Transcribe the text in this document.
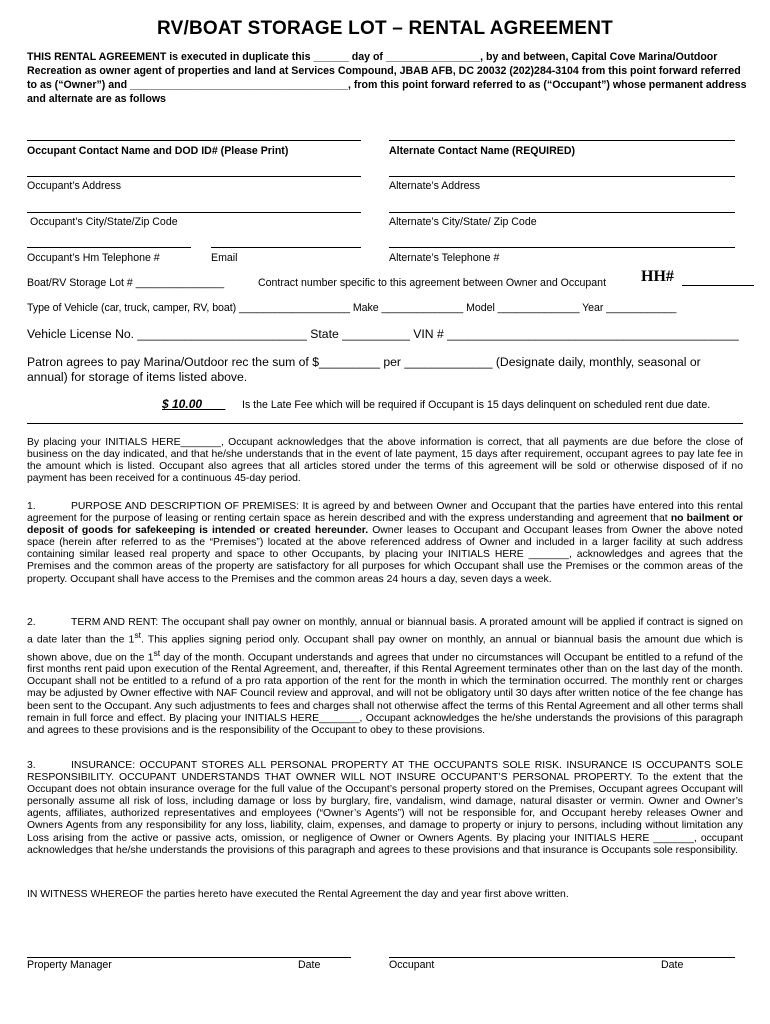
RV/BOAT STORAGE LOT – RENTAL AGREEMENT
THIS RENTAL AGREEMENT is executed in duplicate this ______ day of ________________, by and between, Capital Cove Marina/Outdoor Recreation as owner agent of properties and land at Services Compound, JBAB AFB, DC 20032 (202)284-3104 from this point forward referred to as (“Owner”) and _____________________________________, from this point forward referred to as (“Occupant”) whose permanent address and alternate are as follows
Occupant Contact Name and DOD ID# (Please Print)	Alternate Contact Name (REQUIRED)
Occupant’s Address	Alternate’s Address
Occupant’s City/State/Zip Code	Alternate’s City/State/ Zip Code
Occupant’s Hm Telephone #	Email	Alternate’s Telephone #
Boat/RV Storage Lot # _______________	Contract number specific to this agreement between Owner and Occupant HH#
Type of Vehicle (car, truck, camper, RV, boat) ___________________ Make ______________ Model ______________ Year ____________
Vehicle License No. _________________________ State __________ VIN # ___________________________________________
Patron agrees to pay Marina/Outdoor rec the sum of $_________ per _____________ (Designate daily, monthly, seasonal or
annual) for storage of items listed above.
$ 10.00	Is the Late Fee which will be required if Occupant is 15 days delinquent on scheduled rent due date.
By placing your INITIALS HERE_______, Occupant acknowledges that the above information is correct, that all payments are due before the close of business on the day indicated, and that he/she understands that in the event of late payment, 15 days after requirement, occupant agrees to pay late fee in the amount which is listed. Occupant also agrees that all articles stored under the terms of this agreement will be sold or otherwise disposed of if no payment has been received for a continuous 45-day period.
1.	PURPOSE AND DESCRIPTION OF PREMISES: It is agreed by and between Owner and Occupant that the parties have entered into this rental agreement for the purpose of leasing or renting certain space as herein described and with the express understanding and agreement that no bailment or deposit of goods for safekeeping is intended or created hereunder. Owner leases to Occupant and Occupant leases from Owner the above noted space (herein after referred to as the “Premises”) located at the above referenced address of Owner and included in a larger facility at such address containing similar leased real property and space to other Occupants, by placing your INITIALS HERE _______, acknowledges and agrees that the Premises and the common areas of the property are satisfactory for all purposes for which Occupant shall use the Premises or the common areas of the property. Occupant shall have access to the Premises and the common areas 24 hours a day, seven days a week.
2.	TERM AND RENT: The occupant shall pay owner on monthly, annual or biannual basis. A prorated amount will be applied if contract is signed on a date later than the 1st. This applies signing period only. Occupant shall pay owner on monthly, an annual or biannual basis the amount due which is shown above, due on the 1st day of the month. Occupant understands and agrees that under no circumstances will Occupant be entitled to a refund of the first months rent paid upon execution of the Rental Agreement, and, thereafter, if this Rental Agreement terminates other than on the last day of the month. Occupant shall not be entitled to a refund of a pro rata apportion of the rent for the month in which the termination occurred. The monthly rent or charges may be adjusted by Owner effective with NAF Council review and approval, and will not be obligatory until 30 days after written notice of the fee change has been sent to the Occupant. Any such adjustments to fees and charges shall not otherwise affect the terms of this Rental Agreement and all other terms shall remain in full force and effect. By placing your INITIALS HERE_______, Occupant acknowledges the he/she understands the provisions of this paragraph and agrees to these provisions and is the responsibility of the Occupant to obey to these provisions.
3.	INSURANCE: OCCUPANT STORES ALL PERSONAL PROPERTY AT THE OCCUPANTS SOLE RISK. INSURANCE IS OCCUPANTS SOLE RESPONSIBILITY. OCCUPANT UNDERSTANDS THAT OWNER WILL NOT INSURE OCCUPANT’S PERSONAL PROPERTY. To the extent that the Occupant does not obtain insurance overage for the full value of the Occupant’s personal property stored on the Premises, Occupant agrees Occupant will personally assume all risk of loss, including damage or loss by burglary, fire, vandalism, wind damage, natural disaster or vermin. Owner and Owner’s agents, affiliates, authorized representatives and employees (“Owner’s Agents”) will not be responsible for, and Occupant hereby releases Owner and Owners Agents from any responsibility for any loss, liability, claim, expenses, and damage to property or injury to persons, including without limitation any Loss arising from the active or passive acts, omission, or negligence of Owner or Owners Agents. By placing your INITIALS HERE _______, occupant acknowledges that he/she understands the provisions of this paragraph and agrees to these provisions and that insurance is Occupants sole responsibility.
IN WITNESS WHEREOF the parties hereto have executed the Rental Agreement the day and year first above written.
Property Manager	Date	Occupant	Date
